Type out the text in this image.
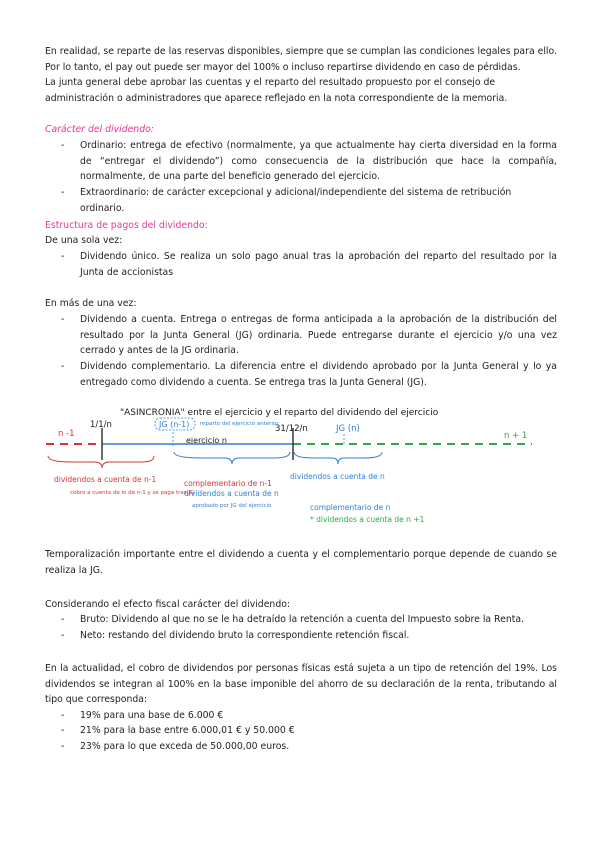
En realidad, se reparte de las reservas disponibles, siempre que se cumplan las condiciones legales para ello. Por lo tanto, el pay out puede ser mayor del 100% o incluso repartirse dividendo en caso de pérdidas.
La junta general debe aprobar las cuentas y el reparto del resultado propuesto por el consejo de administración o administradores que aparece reflejado en la nota correspondiente de la memoria.
Carácter del dividendo:
- Ordinario: entrega de efectivo (normalmente, ya que actualmente hay cierta diversidad en la forma de “entregar el dividendo”) como consecuencia de la distribución que hace la compañía, normalmente, de una parte del beneficio generado del ejercicio.
- Extraordinario: de carácter excepcional y adicional/independiente del sistema de retribución ordinario.
Estructura de pagos del dividendo:
De una sola vez:
- Dividendo único. Se realiza un solo pago anual tras la aprobación del reparto del resultado por la Junta de accionistas
En más de una vez:
- Dividendo a cuenta. Entrega o entregas de forma anticipada a la aprobación de la distribución del resultado por la Junta General (JG) ordinaria. Puede entregarse durante el ejercicio y/o una vez cerrado y antes de la JG ordinaria.
- Dividendo complementario. La diferencia entre el dividendo aprobado por la Junta General y lo ya entregado como dividendo a cuenta. Se entrega tras la Junta General (JG).
"ASINCRONIA" entre el ejercicio y el reparto del dividendo del ejercicio
n -1	n + 1
1/1/n	JG (n-1) reparto del ejercicio anterior
ejercicio n
31/12/n	JG (n)
dividendos a cuenta de n-1
cobro a cuenta de lo de n-1 y se paga tras JG
complementario de n-1
dividendos a cuenta de n
aprobado por JG del ejercicio
dividendos a cuenta de n
complementario de n
* dividendos a cuenta de n +1
Temporalización importante entre el dividendo a cuenta y el complementario porque depende de cuando se realiza la JG.
Considerando el efecto fiscal carácter del dividendo:
- Bruto: Dividendo al que no se le ha detraído la retención a cuenta del Impuesto sobre la Renta.
- Neto: restando del dividendo bruto la correspondiente retención fiscal.
En la actualidad, el cobro de dividendos por personas físicas está sujeta a un tipo de retención del 19%. Los dividendos se integran al 100% en la base imponible del ahorro de su declaración de la renta, tributando al tipo que corresponda:
- 19% para una base de 6.000 €
- 21% para la base entre 6.000,01 € y 50.000 €
- 23% para lo que exceda de 50.000,00 euros.
